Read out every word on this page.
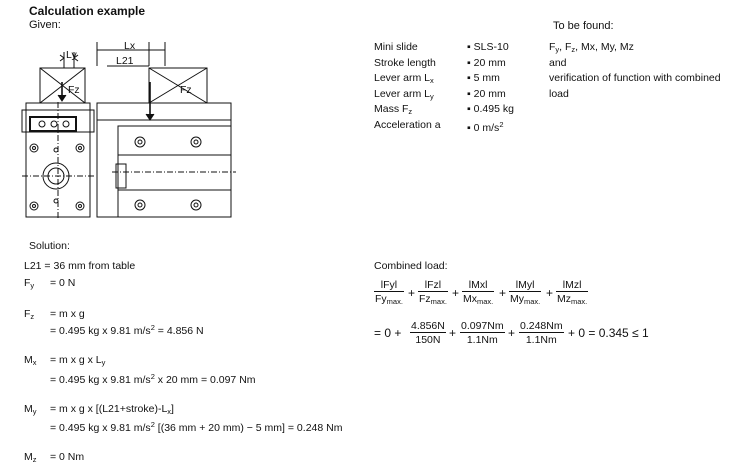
Calculation example
Given:	To be found:
Ly
Lx
L21
Fz	Fz
Mini slide	▪ SLS-10
Stroke length	▪ 20 mm
Lever arm $L_x$	▪ 5 mm
Lever arm $L_y$	▪ 20 mm
Mass $F_z$	▪ 0.495 kg
Acceleration a	▪ 0 $m/s^2$
$F_y$, $F_z$, Mx, My, Mz
and
verification of function with combined
load
Solution:
L21 = 36 mm from table
$F_y = 0$ N
$F_z = m$ x g
= 0.495 kg x 9.81 $m/s^2 = 4.856$ N
$M_x = m$ x g x $L_y$
= 0.495 kg x 9.81 $m/s^2$ x 20 mm = 0.097 Nm
$M_y = m$ x g x $[(L21+stroke)-L_x]$
= 0.495 kg x 9.81 $m/s^2$ [(36 mm + 20 mm) − 5 mm] = 0.248 Nm
$M_z = 0$ Nm
Combined load:
lFyl
$Fy_{max.}$
+
lFzl
$Fz_{max.}$
+
lMxl
$Mx_{max.}$
+
lMyl
$My_{max.}$
+
lMzl
$Mz_{max.}$
= $0 + \frac{4.856N}{150N} + \frac{0.097Nm}{1.1Nm} + \frac{0.248Nm}{1.1Nm} + 0 = 0.345 \le 1$
